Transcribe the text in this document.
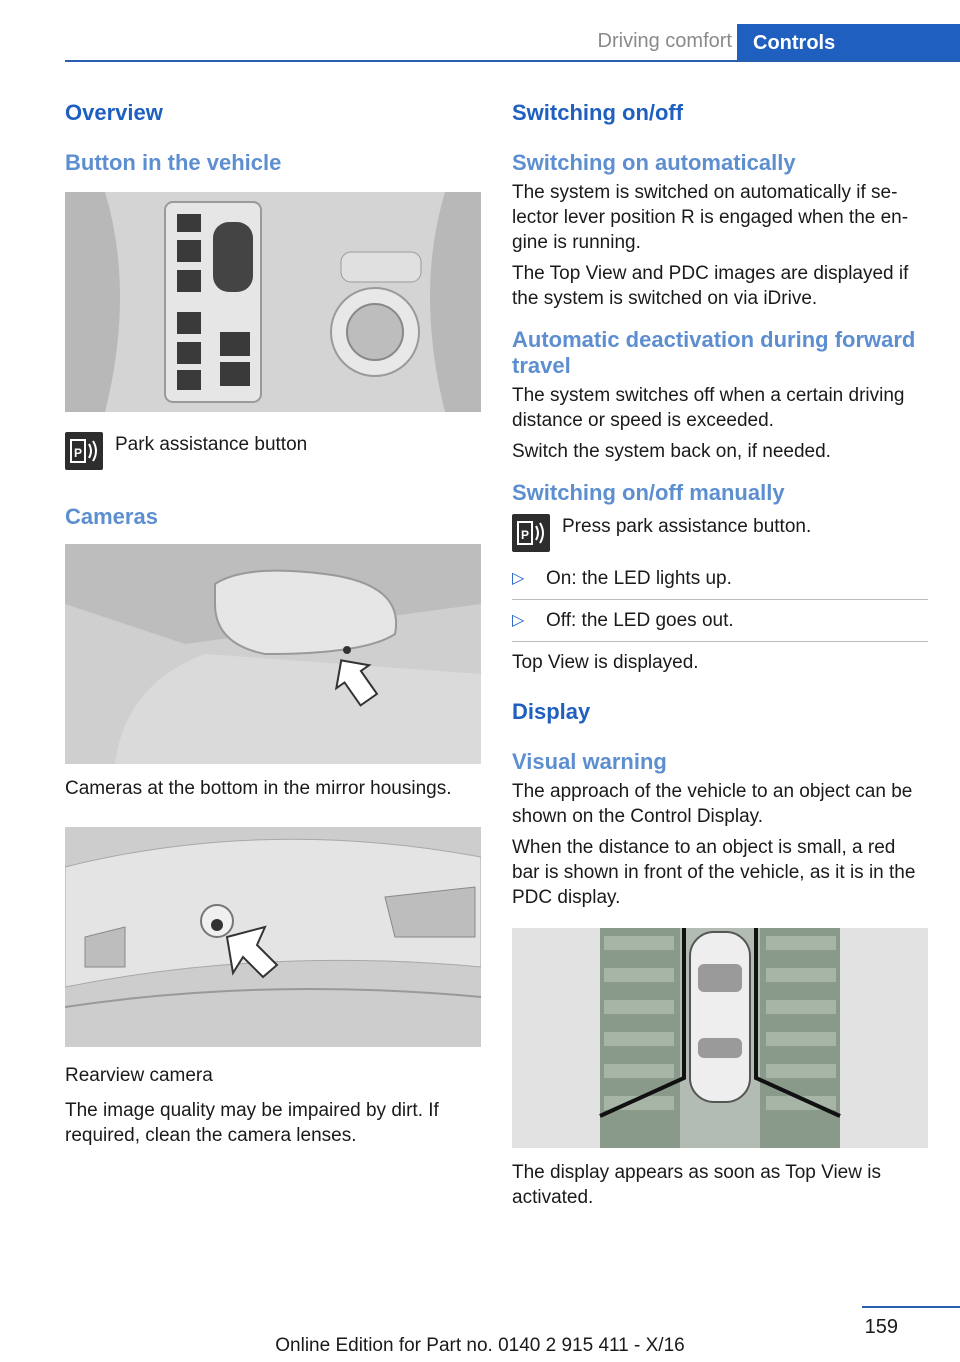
Driving comfort	Controls
Overview
Button in the vehicle
P Park assistance button

Cameras

Cameras at the bottom in the mirror housings.

Rearview camera

The image quality may be impaired by dirt. If required, clean the camera lenses.

Switching on/off
Switching on automatically

The system is switched on automatically if se-lector lever position R is engaged when the en-gine is running.

The Top View and PDC images are displayed if the system is switched on via iDrive.

Automatic deactivation during forward travel

The system switches off when a certain driving distance or speed is exceeded.

Switch the system back on, if needed.

Switching on/off manually
P Press park assistance button.

▷ On: the LED lights up.
▷ Off: the LED goes out.

Top View is displayed.

Display
Visual warning

The approach of the vehicle to an object can be shown on the Control Display.

When the distance to an object is small, a red bar is shown in front of the vehicle, as it is in the PDC display.

The display appears as soon as Top View is activated.

159
Online Edition for Part no. 0140 2 915 411 - X/16
